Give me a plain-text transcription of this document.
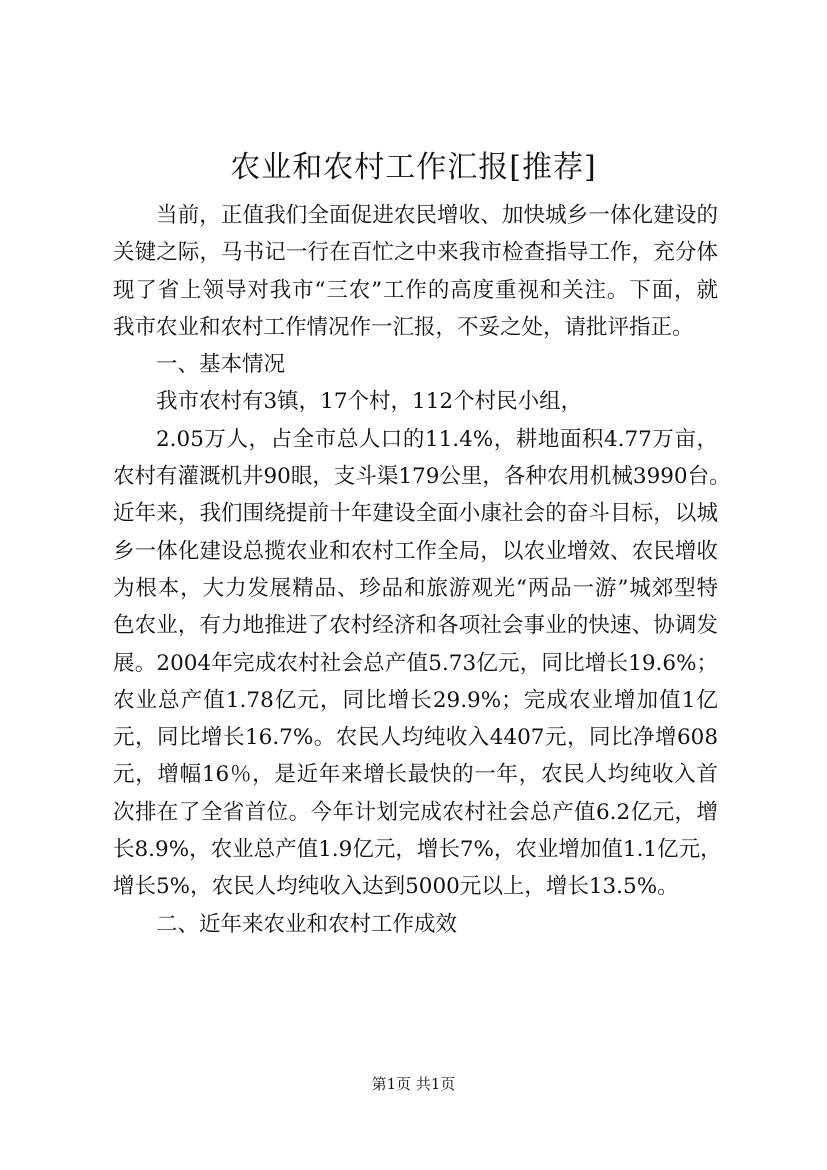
农业和农村工作汇报[推荐]
当前，正值我们全面促进农民增收、加快城乡一体化建设的
关键之际，马书记一行在百忙之中来我市检查指导工作，充分体
现了省上领导对我市“三农”工作的高度重视和关注。下面，就
我市农业和农村工作情况作一汇报，不妥之处，请批评指正。
一、基本情况
我市农村有3镇，17个村，112个村民小组，
2.05万人，占全市总人口的11.4%，耕地面积4.77万亩，
农村有灌溉机井90眼，支斗渠179公里，各种农用机械3990台。
近年来，我们围绕提前十年建设全面小康社会的奋斗目标，以城
乡一体化建设总揽农业和农村工作全局，以农业增效、农民增收
为根本，大力发展精品、珍品和旅游观光“两品一游”城郊型特
色农业，有力地推进了农村经济和各项社会事业的快速、协调发
展。2004年完成农村社会总产值5.73亿元，同比增长19.6%；
农业总产值1.78亿元，同比增长29.9%；完成农业增加值1亿
元，同比增长16.7%。农民人均纯收入4407元，同比净增608
元，增幅16％，是近年来增长最快的一年，农民人均纯收入首
次排在了全省首位。今年计划完成农村社会总产值6.2亿元，增
长8.9%，农业总产值1.9亿元，增长7%，农业增加值1.1亿元，
增长5%，农民人均纯收入达到5000元以上，增长13.5%。
二、近年来农业和农村工作成效
第1页 共1页
